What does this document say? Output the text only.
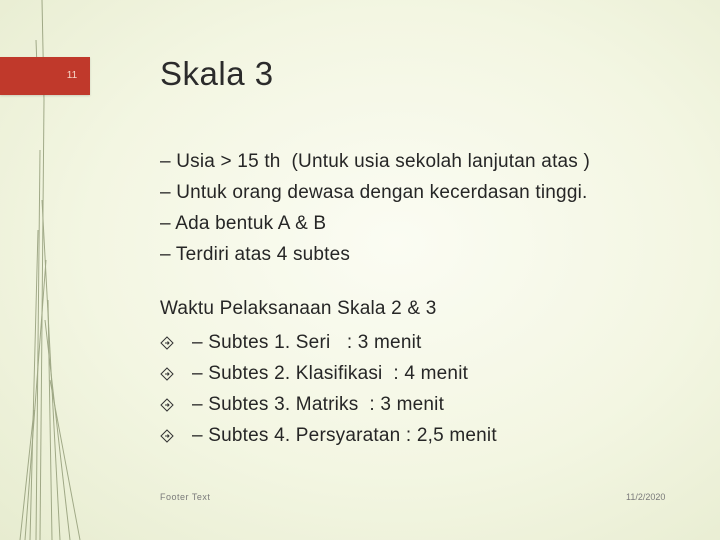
11	Skala 3
– Usia > 15 th  (Untuk usia sekolah lanjutan atas )
– Untuk orang dewasa dengan kecerdasan tinggi.
– Ada bentuk A & B
– Terdiri atas 4 subtes
Waktu Pelaksanaan Skala 2 & 3
– Subtes 1. Seri   : 3 menit
– Subtes 2. Klasifikasi  : 4 menit
– Subtes 3. Matriks  : 3 menit
– Subtes 4. Persyaratan : 2,5 menit
Footer Text	11/2/2020
